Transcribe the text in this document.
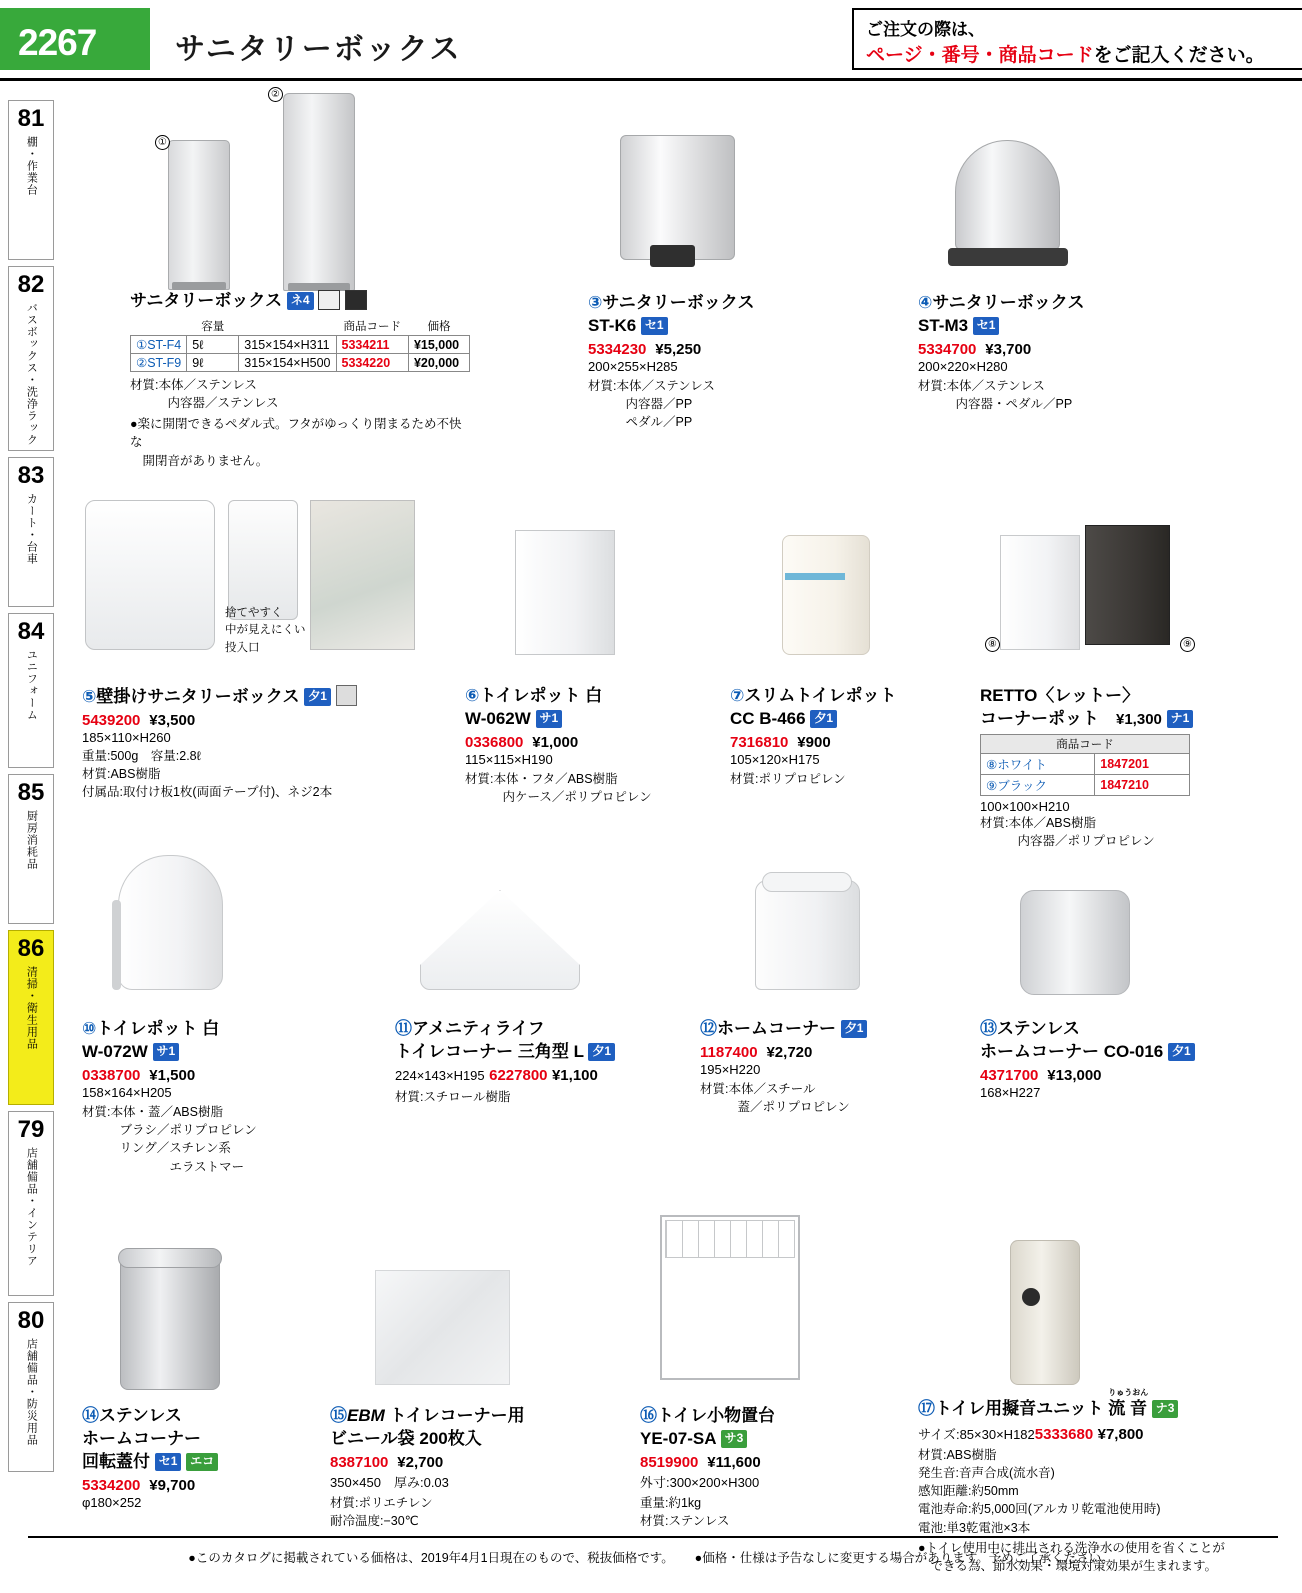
2267	サニタリーボックス
ご注文の際は、
ページ・番号・商品コードをご記入ください。
81
棚・作業台
82
バスボックス・洗浄ラック
83
カート・台車
84
ユニフォーム
85
厨房消耗品
86
清掃・衛生用品
79
店舗備品・インテリア
80
店舗備品・防災用品
①
②
サニタリーボックス ネ4
	容量		商品コード	価格
①ST-F4	5ℓ	315×154×H311	5334211	¥15,000
②ST-F9	9ℓ	315×154×H500	5334220	¥20,000
材質:本体／ステンレス
　　　内容器／ステンレス
●楽に開閉できるペダル式。フタがゆっくり閉まるため不快な
　開閉音がありません。
③サニタリーボックス
ST-K6 セ1
5334230 ¥5,250
200×255×H285
材質:本体／ステンレス
　　　内容器／PP
　　　ペダル／PP
④サニタリーボックス
ST-M3 セ1
5334700 ¥3,700
200×220×H280
材質:本体／ステンレス
　　　内容器・ペダル／PP
捨てやすく
中が見えにくい
投入口
⑤壁掛けサニタリーボックス 夕1
5439200 ¥3,500
185×110×H260
重量:500g　容量:2.8ℓ
材質:ABS樹脂
付属品:取付け板1枚(両面テープ付)、ネジ2本
⑥トイレポット 白
W-062W サ1
0336800 ¥1,000
115×115×H190
材質:本体・フタ／ABS樹脂
　　　内ケース／ポリプロピレン
⑦スリムトイレポット
CC B-466 夕1
7316810 ¥900
105×120×H175
材質:ポリプロピレン
⑧	⑨
RETTO〈レットー〉
コーナーポット　 ¥1,300 ナ1
商品コード	
⑧ホワイト	1847201
⑨ブラック	1847210
100×100×H210
材質:本体／ABS樹脂
　　　内容器／ポリプロピレン
⑩トイレポット 白
W-072W サ1
0338700 ¥1,500
158×164×H205
材質:本体・蓋／ABS樹脂
　　　ブラシ／ポリプロピレン
　　　リング／スチレン系
　　　　　　　エラストマー
⑪アメニティライフ
トイレコーナー 三角型 L 夕1
224×143×H195 6227800 ¥1,100
材質:スチロール樹脂
⑫ホームコーナー 夕1
1187400 ¥2,720
195×H220
材質:本体／スチール
　　　蓋／ポリプロピレン
⑬ステンレス
ホームコーナー CO-016 夕1
4371700 ¥13,000
168×H227
⑭ステンレス
ホームコーナー
回転蓋付 セ1 エコ
5334200 ¥9,700
φ180×252
⑮EBM トイレコーナー用
ビニール袋 200枚入
8387100 ¥2,700
350×450　厚み:0.03
材質:ポリエチレン
耐冷温度:−30℃
⑯トイレ小物置台
YE-07-SA サ3
8519900 ¥11,600
外寸:300×200×H300
重量:約1kg
材質:ステンレス
⑰トイレ用擬音ユニット
りゅうおん
流 音 ナ3
サイズ:85×30×H1825333680 ¥7,800
材質:ABS樹脂
発生音:音声合成(流水音)
感知距離:約50mm
電池寿命:約5,000回(アルカリ乾電池使用時)
電池:単3乾電池×3本
●トイレ使用中に排出される洗浄水の使用を省くことが
　できる為、節水効果・環境対策効果が生まれます。
●このカタログに掲載されている価格は、2019年4月1日現在のもので、税抜価格です。 ●価格・仕様は予告なしに変更する場合があります。予めご了承ください。
